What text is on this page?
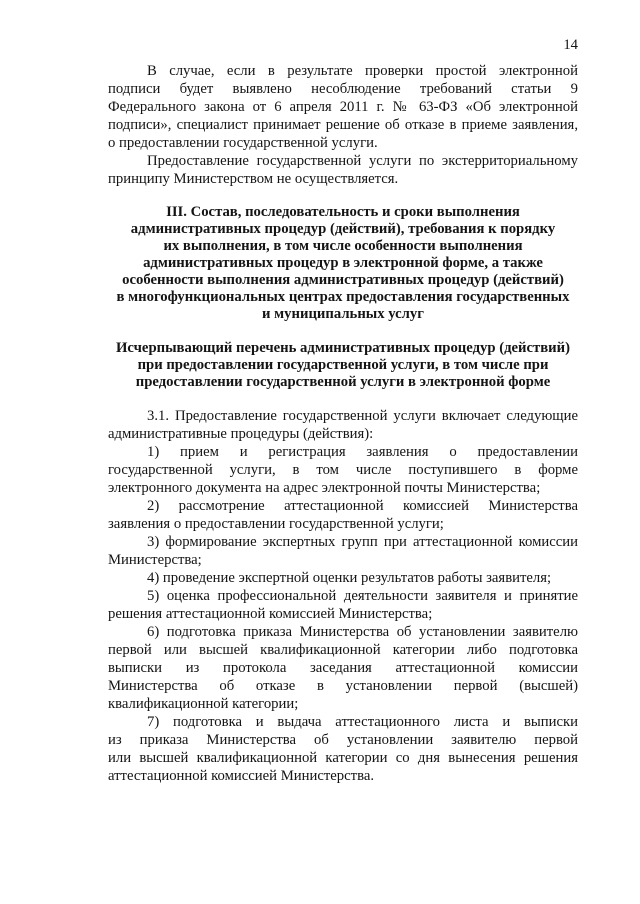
14
В случае, если в результате проверки простой электронной
подписи будет выявлено несоблюдение требований статьи 9
Федерального закона от 6 апреля 2011 г. № 63-ФЗ «Об электронной
подписи», специалист принимает решение об отказе в приеме заявления,
о предоставлении государственной услуги.
Предоставление государственной услуги по экстерриториальному
принципу Министерством не осуществляется.
III. Состав, последовательность и сроки выполнения
административных процедур (действий), требования к порядку
их выполнения, в том числе особенности выполнения
административных процедур в электронной форме, а также
особенности выполнения административных процедур (действий)
в многофункциональных центрах предоставления государственных
и муниципальных услуг
Исчерпывающий перечень административных процедур (действий)
при предоставлении государственной услуги, в том числе при
предоставлении государственной услуги в электронной форме
3.1. Предоставление государственной услуги включает следующие
административные процедуры (действия):
1) прием и регистрация заявления о предоставлении
государственной услуги, в том числе поступившего в форме
электронного документа на адрес электронной почты Министерства;
2) рассмотрение аттестационной комиссией Министерства
заявления о предоставлении государственной услуги;
3) формирование экспертных групп при аттестационной комиссии
Министерства;
4) проведение экспертной оценки результатов работы заявителя;
5) оценка профессиональной деятельности заявителя и принятие
решения аттестационной комиссией Министерства;
6) подготовка приказа Министерства об установлении заявителю
первой или высшей квалификационной категории либо подготовка
выписки из протокола заседания аттестационной комиссии
Министерства об отказе в установлении первой (высшей)
квалификационной категории;
7) подготовка и выдача аттестационного листа и выписки
из приказа Министерства об установлении заявителю первой
или высшей квалификационной категории со дня вынесения решения
аттестационной комиссией Министерства.
